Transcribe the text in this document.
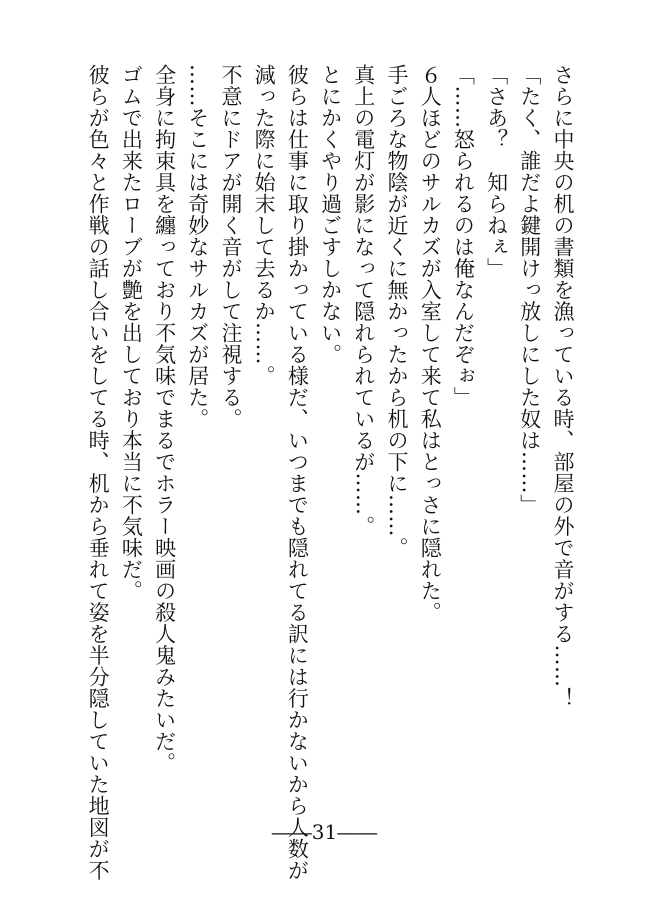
さらに中央の机の書類を漁っている時、部屋の外で音がする……！
「たく、誰だよ鍵開けっ放しにした奴は……」
「さあ？　知らねぇ」
「……怒られるのは俺なんだぞぉ」
６人ほどのサルカズが入室して来て私はとっさに隠れた。
手ごろな物陰が近くに無かったから机の下に……。
真上の電灯が影になって隠れられているが……。
とにかくやり過ごすしかない。
彼らは仕事に取り掛かっている様だ、いつまでも隠れてる訳には行かないから人数が
減った際に始末して去るか……。
不意にドアが開く音がして注視する。
……そこには奇妙なサルカズが居た。
全身に拘束具を纏っており不気味でまるでホラー映画の殺人鬼みたいだ。
ゴムで出来たローブが艶を出しており本当に不気味だ。
彼らが色々と作戦の話し合いをしてる時、机から垂れて姿を半分隠していた地図が不	――31――
